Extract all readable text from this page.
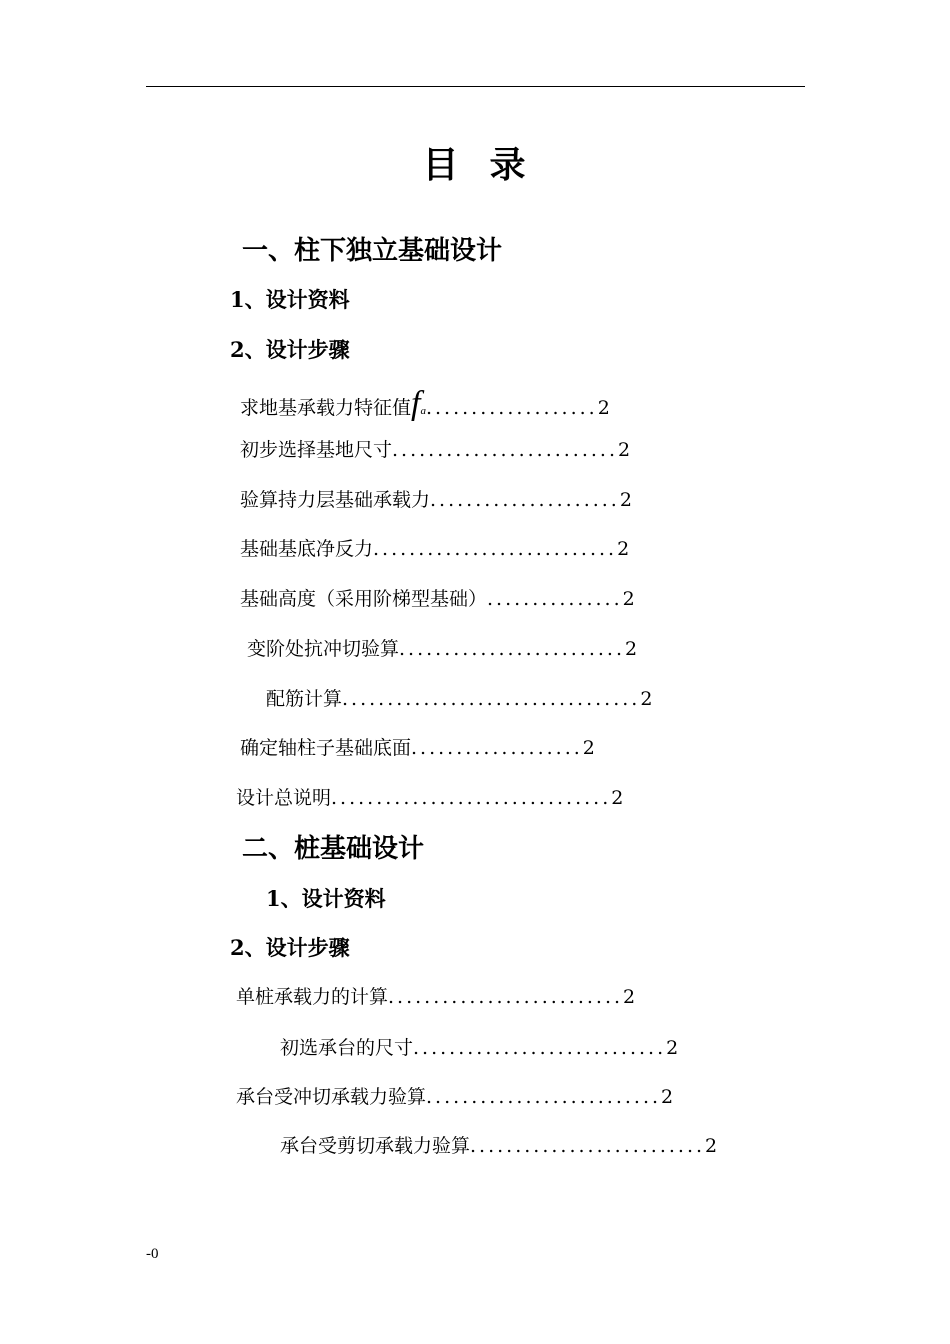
目  录
一、柱下独立基础设计
1、设计资料
2、设计步骤
求地基承载力特征值fa...................2
初步选择基地尺寸.........................2
验算持力层基础承载力.....................2
基础基底净反力...........................2
基础高度（采用阶梯型基础）...............2
变阶处抗冲切验算.........................2
配筋计算.................................2
确定轴柱子基础底面...................2
设计总说明...............................2
二、桩基础设计
1、设计资料
2、设计步骤
单桩承载力的计算..........................2
初选承台的尺寸............................2
承台受冲切承载力验算..........................2
承台受剪切承载力验算..........................2
-0
